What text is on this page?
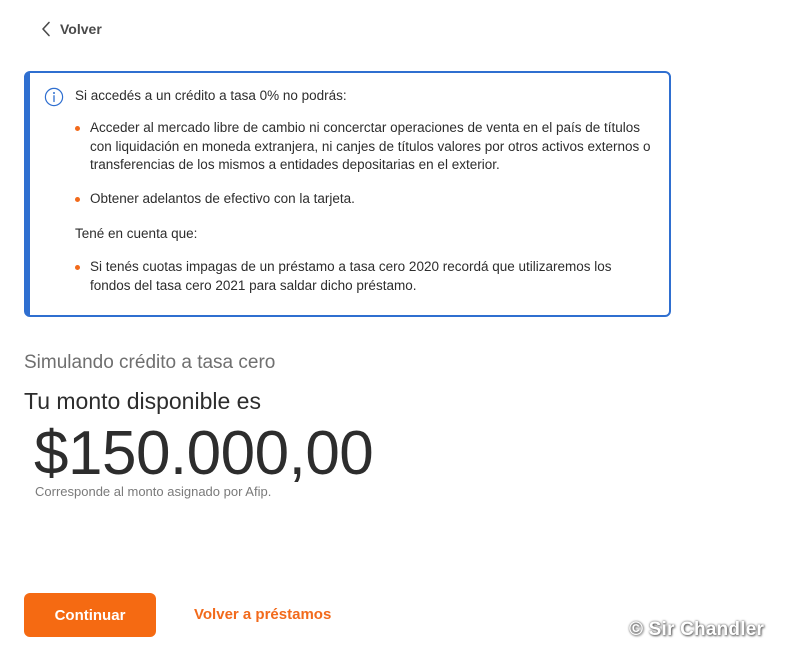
Volver
Si accedés a un crédito a tasa 0% no podrás:
Acceder al mercado libre de cambio ni concerctar operaciones de venta en el país de títulos con liquidación en moneda extranjera, ni canjes de títulos valores por otros activos externos o transferencias de los mismos a entidades depositarias en el exterior.
Obtener adelantos de efectivo con la tarjeta.
Tené en cuenta que:
Si tenés cuotas impagas de un préstamo a tasa cero 2020 recordá que utilizaremos los fondos del tasa cero 2021 para saldar dicho préstamo.
Simulando crédito a tasa cero
Tu monto disponible es
$150.000,00
Corresponde al monto asignado por Afip.
Continuar	Volver a préstamos
© Sir Chandler
